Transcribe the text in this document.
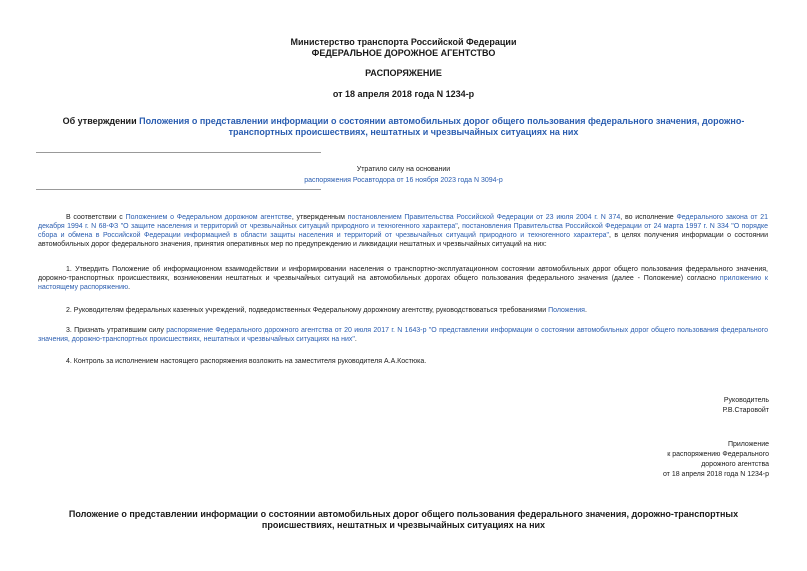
Министерство транспорта Российской Федерации
ФЕДЕРАЛЬНОЕ ДОРОЖНОЕ АГЕНТСТВО
РАСПОРЯЖЕНИЕ
от 18 апреля 2018 года N 1234-р
Об утверждении Положения о представлении информации о состоянии автомобильных дорог общего пользования федерального значения, дорожно-транспортных происшествиях, нештатных и чрезвычайных ситуациях на них
Утратило силу на основании
распоряжения Росавтодора от 16 ноября 2023 года N 3094-р
В соответствии с Положением о Федеральном дорожном агентстве, утвержденным постановлением Правительства Российской Федерации от 23 июля 2004 г. N 374, во исполнение Федерального закона от 21 декабря 1994 г. N 68-ФЗ "О защите населения и территорий от чрезвычайных ситуаций природного и техногенного характера", постановления Правительства Российской Федерации от 24 марта 1997 г. N 334 "О порядке сбора и обмена в Российской Федерации информацией в области защиты населения и территорий от чрезвычайных ситуаций природного и техногенного характера", в целях получения информации о состоянии автомобильных дорог федерального значения, принятия оперативных мер по предупреждению и ликвидации нештатных и чрезвычайных ситуаций на них:
1. Утвердить Положение об информационном взаимодействии и информировании населения о транспортно-эксплуатационном состоянии автомобильных дорог общего пользования федерального значения, дорожно-транспортных происшествиях, возникновении нештатных и чрезвычайных ситуаций на автомобильных дорогах общего пользования федерального значения (далее - Положение) согласно приложению к настоящему распоряжению.
2. Руководителям федеральных казенных учреждений, подведомственных Федеральному дорожному агентству, руководствоваться требованиями Положения.
3. Признать утратившим силу распоряжение Федерального дорожного агентства от 20 июля 2017 г. N 1643-р "О представлении информации о состоянии автомобильных дорог общего пользования федерального значения, дорожно-транспортных происшествиях, нештатных и чрезвычайных ситуациях на них".
4. Контроль за исполнением настоящего распоряжения возложить на заместителя руководителя А.А.Костюка.
Руководитель
Р.В.Старовойт
Приложение
к распоряжению Федерального
дорожного агентства
от 18 апреля 2018 года N 1234-р
Положение о представлении информации о состоянии автомобильных дорог общего пользования федерального значения, дорожно-транспортных происшествиях, нештатных и чрезвычайных ситуациях на них
